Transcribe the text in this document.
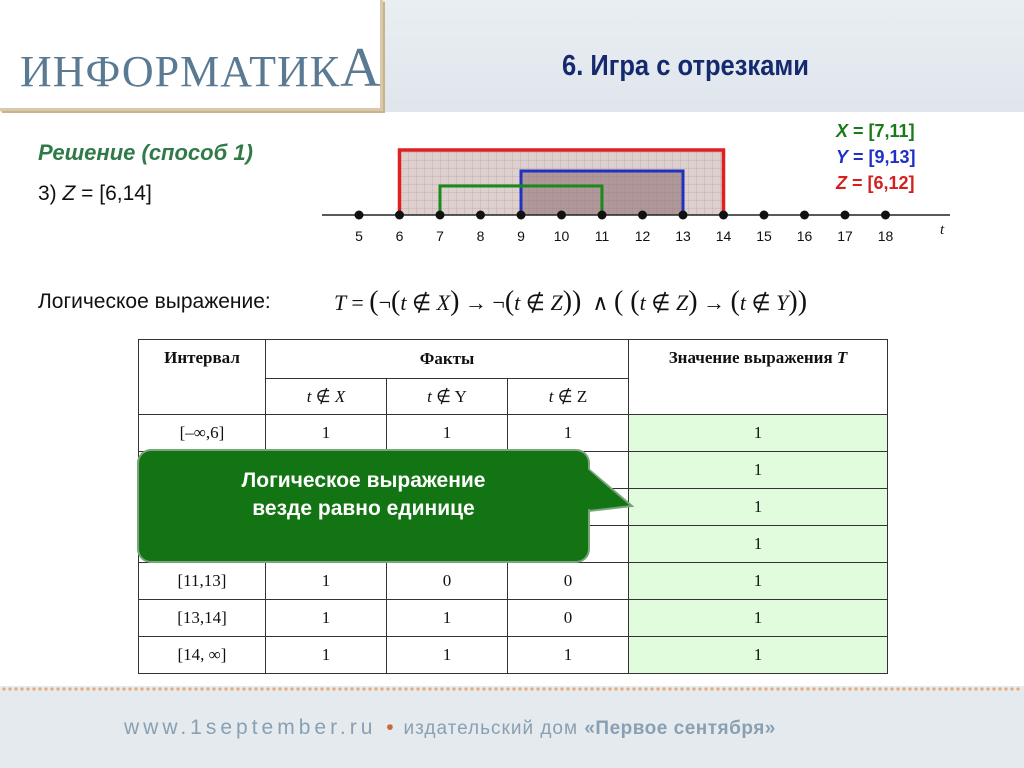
ИНФОРМАТИКА	6. Игра с отрезками
Решение (способ 1)
3) Z = [6,14]
X = [7,11]
Y = [9,13]
Z = [6,12]
5 6 7 8 9 10 11 12 13 14 15 16 17 18	t
Логическое выражение:	T = (¬(t ∉ X) → ¬(t ∉ Z)) ∧ ( (t ∉ Z) → (t ∉ Y))
Интервал	Факты			Значение выражения T
	t ∉ X	t ∉ Y	t ∉ Z	
[–∞,6]	1	1	1	1
				1
				1
				1
[11,13]	1	0	0	1
[13,14]	1	1	0	1
[14, ∞]	1	1	1	1
Логическое выражение
везде равно единице
www.1september.ru • издательский дом «Первое сентября»
